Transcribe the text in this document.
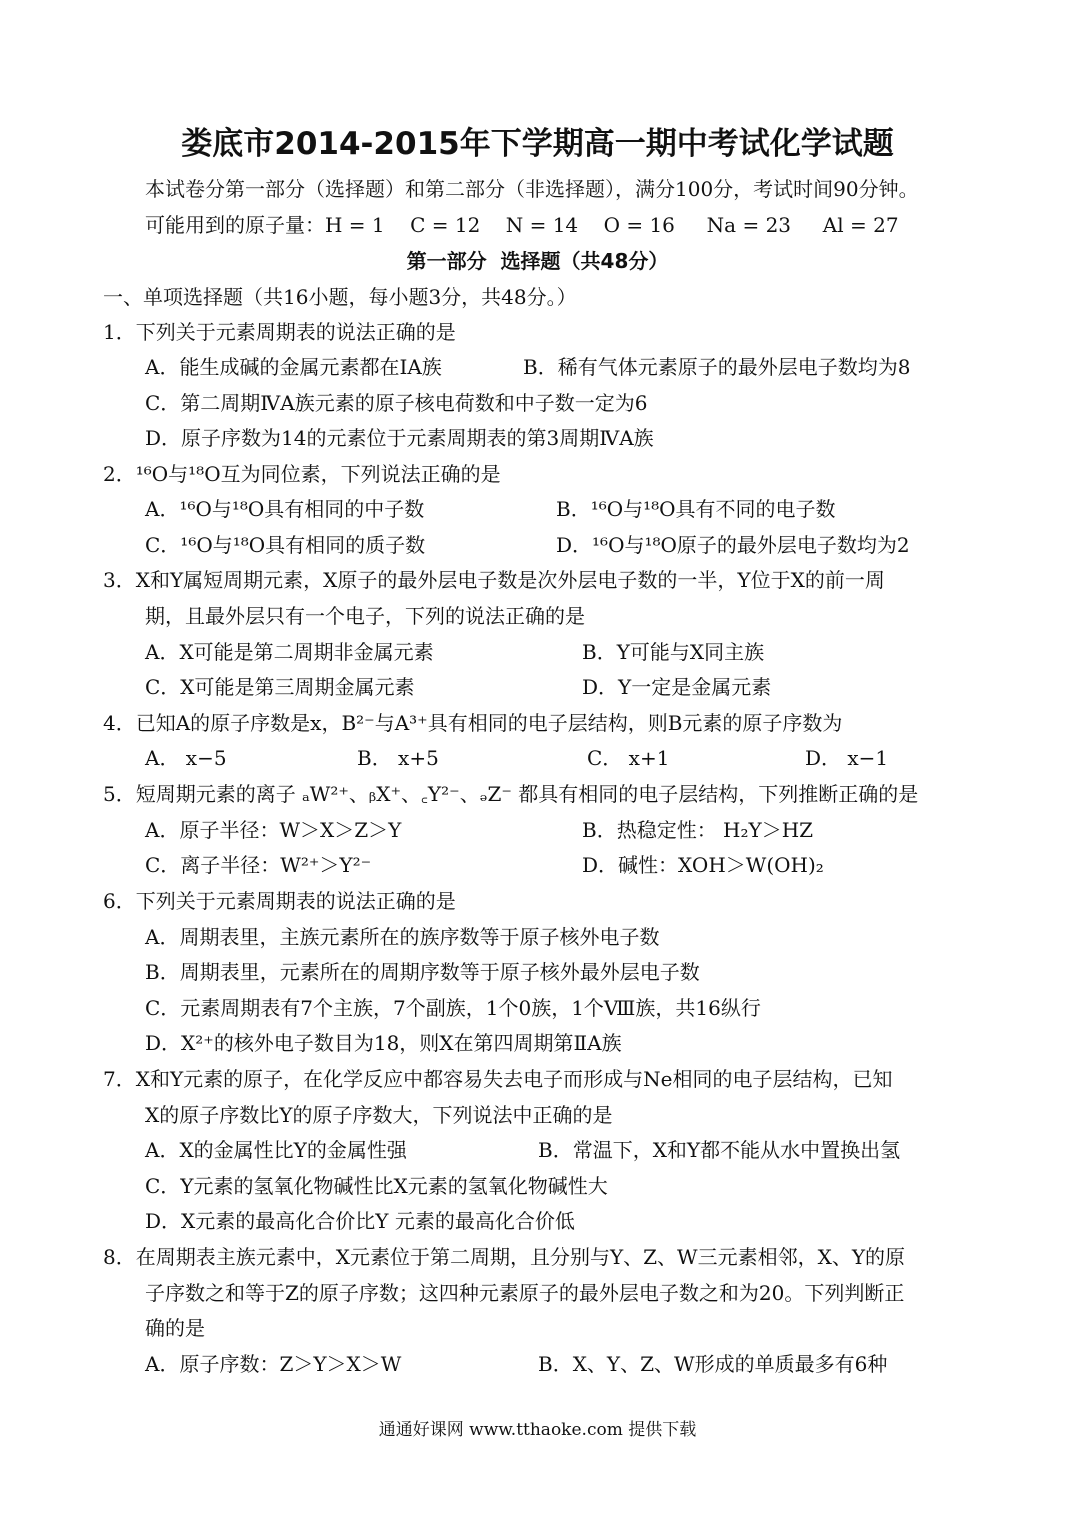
娄底市2014-2015年下学期高一期中考试化学试题
本试卷分第一部分（选择题）和第二部分（非选择题），满分100分，考试时间90分钟。
可能用到的原子量：H = 1    C = 12    N = 14    O = 16     Na = 23     Al = 27
第一部分  选择题（共48分）
一、单项选择题（共16小题，每小题3分，共48分。）
1．下列关于元素周期表的说法正确的是
A．能生成碱的金属元素都在ⅠA族	B．稀有气体元素原子的最外层电子数均为8
C．第二周期ⅣA族元素的原子核电荷数和中子数一定为6
D．原子序数为14的元素位于元素周期表的第3周期ⅣA族
2．¹⁶O与¹⁸O互为同位素，下列说法正确的是
A．¹⁶O与¹⁸O具有相同的中子数	B．¹⁶O与¹⁸O具有不同的电子数
C．¹⁶O与¹⁸O具有相同的质子数	D．¹⁶O与¹⁸O原子的最外层电子数均为2
3．X和Y属短周期元素，X原子的最外层电子数是次外层电子数的一半，Y位于X的前一周
期，且最外层只有一个电子，下列的说法正确的是
A．X可能是第二周期非金属元素	B．Y可能与X同主族
C．X可能是第三周期金属元素	D．Y一定是金属元素
4．已知A的原子序数是x，B²⁻与A³⁺具有相同的电子层结构，则B元素的原子序数为
A． x−5	B． x+5	C． x+1	D． x−1
5．短周期元素的离子 ₐW²⁺、ᵦX⁺、꜀Y²⁻、ₔZ⁻ 都具有相同的电子层结构，下列推断正确的是
A．原子半径：W＞X＞Z＞Y	B．热稳定性： H₂Y＞HZ
C．离子半径：W²⁺＞Y²⁻	D．碱性：XOH＞W(OH)₂
6．下列关于元素周期表的说法正确的是
A．周期表里，主族元素所在的族序数等于原子核外电子数
B．周期表里，元素所在的周期序数等于原子核外最外层电子数
C．元素周期表有7个主族，7个副族，1个0族，1个Ⅷ族，共16纵行
D．X²⁺的核外电子数目为18，则X在第四周期第ⅡA族
7．X和Y元素的原子，在化学反应中都容易失去电子而形成与Ne相同的电子层结构，已知
X的原子序数比Y的原子序数大，下列说法中正确的是
A．X的金属性比Y的金属性强	B．常温下，X和Y都不能从水中置换出氢
C．Y元素的氢氧化物碱性比X元素的氢氧化物碱性大
D．X元素的最高化合价比Y 元素的最高化合价低
8．在周期表主族元素中，X元素位于第二周期，且分别与Y、Z、W三元素相邻，X、Y的原
子序数之和等于Z的原子序数；这四种元素原子的最外层电子数之和为20。下列判断正
确的是
A．原子序数：Z＞Y＞X＞W	B．X、Y、Z、W形成的单质最多有6种
通通好课网 www.tthaoke.com 提供下载
